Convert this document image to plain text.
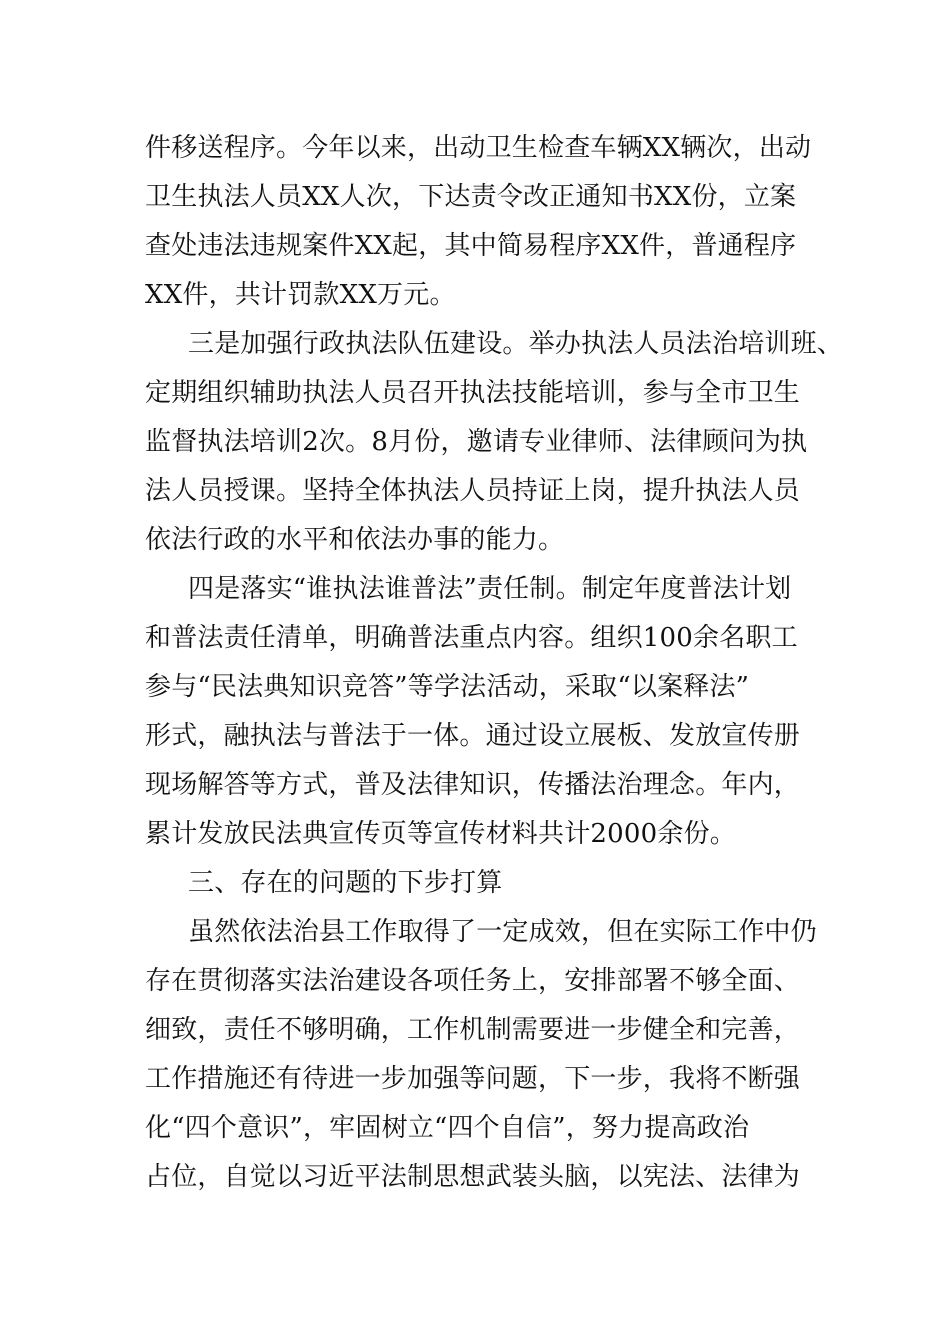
件移送程序。今年以来，出动卫生检查车辆XX辆次，出动
卫生执法人员XX人次，下达责令改正通知书XX份，立案
查处违法违规案件XX起，其中简易程序XX件，普通程序
XX件，共计罚款XX万元。

三是加强行政执法队伍建设。举办执法人员法治培训班、
定期组织辅助执法人员召开执法技能培训，参与全市卫生
监督执法培训2次。8月份，邀请专业律师、法律顾问为执
法人员授课。坚持全体执法人员持证上岗，提升执法人员
依法行政的水平和依法办事的能力。

四是落实“谁执法谁普法”责任制。制定年度普法计划
和普法责任清单，明确普法重点内容。组织100余名职工
参与“民法典知识竞答”等学法活动，采取“以案释法”
形式，融执法与普法于一体。通过设立展板、发放宣传册
现场解答等方式，普及法律知识，传播法治理念。年内，
累计发放民法典宣传页等宣传材料共计2000余份。

三、存在的问题的下步打算

虽然依法治县工作取得了一定成效，但在实际工作中仍
存在贯彻落实法治建设各项任务上，安排部署不够全面、
细致，责任不够明确，工作机制需要进一步健全和完善，
工作措施还有待进一步加强等问题，下一步，我将不断强
化“四个意识”，牢固树立“四个自信”，努力提高政治
占位，自觉以习近平法制思想武装头脑，以宪法、法律为
